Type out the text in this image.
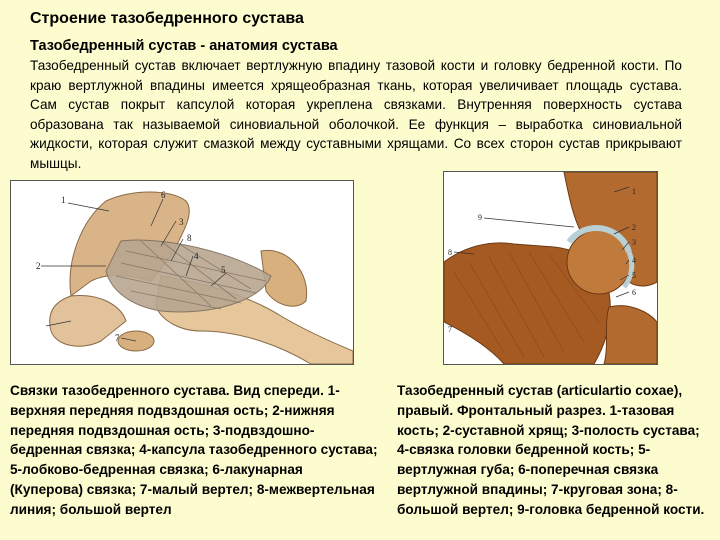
Строение тазобедренного сустава
Тазобедренный сустав - анатомия сустава
Тазобедренный сустав включает вертлужную впадину тазовой кости и головку бедренной кости. По краю вертлужной впадины имеется хрящеобразная ткань, которая увеличивает площадь сустава. Сам сустав покрыт капсулой которая укреплена связками. Внутренняя поверхность сустава образована так называемой синовиальной оболочкой. Ее функция – выработка синовиальной жидкости, которая служит смазкой между суставными хрящами. Со всех сторон сустав прикрывают мышцы.
1
2
3
4
5
6
7
8
1
2
3
4
5
6
7
8
9
Связки тазобедренного сустава. Вид спереди. 1-верхняя передняя подвздошная ость; 2-нижняя передняя подвздошная ость; 3-подвздошно-бедренная связка; 4-капсула тазобедренного сустава; 5-лобково-бедренная связка; 6-лакунарная (Куперова) связка; 7-малый вертел; 8-межвертельная линия; большой вертел
Тазобедренный сустав (articulartio coxae), правый. Фронтальный разрез. 1-тазовая кость; 2-суставной хрящ; 3-полость сустава; 4-связка головки бедренной кость; 5-вертлужная губа; 6-поперечная связка вертлужной впадины; 7-круговая зона; 8-большой вертел; 9-головка бедренной кости.
